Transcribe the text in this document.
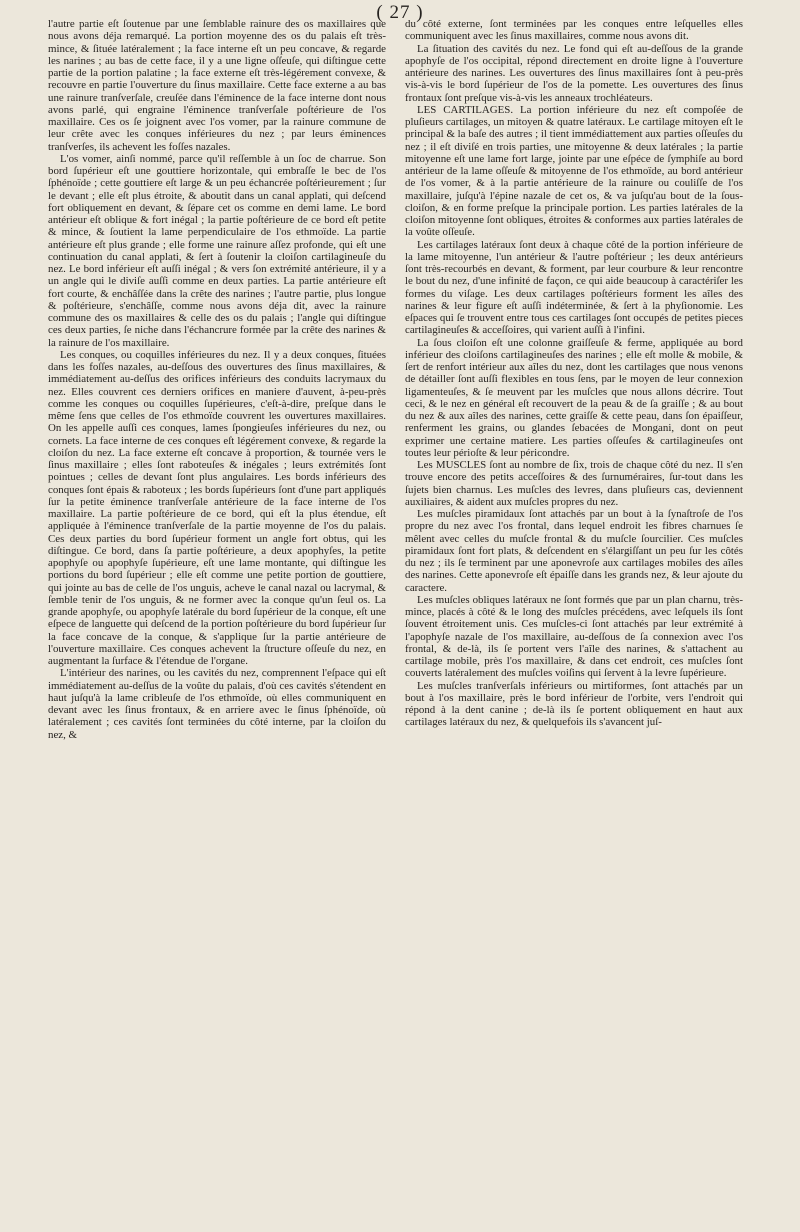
( 27 )

l'autre partie eſt ſoutenue par une ſemblable rainure des os maxillaires que nous avons déja remarqué. La portion moyenne des os du palais eſt très-mince, & ſituée latéralement ; la face interne eſt un peu concave, & regarde les narines ; au bas de cette face, il y a une ligne oſſeuſe, qui diſtingue cette partie de la portion palatine ; la face externe eſt très-légérement convexe, & recouvre en partie l'ouverture du ſinus maxillaire. Cette face externe a au bas une rainure tranſverſale, creuſée dans l'éminence de la face interne dont nous avons parlé, qui engraine l'éminence tranſverſale poſtérieure de l'os maxillaire. Ces os ſe joignent avec l'os vomer, par la rainure commune de leur crête avec les conques inférieures du nez ; par leurs éminences tranſverſes, ils achevent les foſſes nazales.

L'os vomer, ainſi nommé, parce qu'il reſſemble à un ſoc de charrue. Son bord ſupérieur eſt une gouttiere horizontale, qui embraſſe le bec de l'os ſphénoïde ; cette gouttiere eſt large & un peu échancrée poſtérieurement ; ſur le devant ; elle eſt plus étroite, & aboutit dans un canal applati, qui deſcend fort obliquement en devant, & ſépare cet os comme en demi lame. Le bord antérieur eſt oblique & fort inégal ; la partie poſtérieure de ce bord eſt petite & mince, & ſoutient la lame perpendiculaire de l'os ethmoïde. La partie antérieure eſt plus grande ; elle forme une rainure aſſez profonde, qui eſt une continuation du canal applati, & ſert à ſoutenir la cloiſon cartilagineuſe du nez. Le bord inférieur eſt auſſi inégal ; & vers ſon extrémité antérieure, il y a un angle qui le diviſe auſſi comme en deux parties. La partie antérieure eſt fort courte, & enchâſſée dans la crête des narines ; l'autre partie, plus longue & poſtérieure, s'enchâſſe, comme nous avons déja dit, avec la rainure commune des os maxillaires & celle des os du palais ; l'angle qui diſtingue ces deux parties, ſe niche dans l'échancrure formée par la crête des narines & la rainure de l'os maxillaire.

Les conques, ou coquilles inférieures du nez. Il y a deux conques, ſituées dans les foſſes nazales, au-deſſous des ouvertures des ſinus maxillaires, & immédiatement au-deſſus des orifices inférieurs des conduits lacrymaux du nez. Elles couvrent ces derniers orifices en maniere d'auvent, à-peu-près comme les conques ou coquilles ſupérieures, c'eſt-à-dire, preſque dans le même ſens que celles de l'os ethmoïde couvrent les ouvertures maxillaires. On les appelle auſſi ces conques, lames ſpongieuſes inférieures du nez, ou cornets. La face interne de ces conques eſt légérement convexe, & regarde la cloiſon du nez. La face externe eſt concave à proportion, & tournée vers le ſinus maxillaire ; elles ſont raboteuſes & inégales ; leurs extrémités ſont pointues ; celles de devant ſont plus angulaires. Les bords inférieurs des conques ſont épais & raboteux ; les bords ſupérieurs ſont d'une part appliqués ſur la petite éminence tranſverſale antérieure de la face interne de l'os maxillaire. La partie poſtérieure de ce bord, qui eſt la plus étendue, eſt appliquée à l'éminence tranſverſale de la partie moyenne de l'os du palais. Ces deux parties du bord ſupérieur forment un angle fort obtus, qui les diſtingue. Ce bord, dans ſa partie poſtérieure, a deux apophyſes, la petite apophyſe ou apophyſe ſupérieure, eſt une lame montante, qui diſtingue les portions du bord ſupérieur ; elle eſt comme une petite portion de gouttiere, qui jointe au bas de celle de l'os unguis, acheve le canal nazal ou lacrymal, & ſemble tenir de l'os unguis, & ne former avec la conque qu'un ſeul os. La grande apophyſe, ou apophyſe latérale du bord ſupérieur de la conque, eſt une eſpece de languette qui deſcend de la portion poſtérieure du bord ſupérieur ſur la face concave de la conque, & s'applique ſur la partie antérieure de l'ouverture maxillaire. Ces conques achevent la ſtructure oſſeuſe du nez, en augmentant la ſurface & l'étendue de l'organe.

L'intérieur des narines, ou les cavités du nez, comprennent l'eſpace qui eſt immédiatement au-deſſus de la voûte du palais, d'où ces cavités s'étendent en haut juſqu'à la lame cribleuſe de l'os ethmoïde, où elles communiquent en devant avec les ſinus frontaux, & en arriere avec le ſinus ſphénoïde, où latéralement ; ces cavités ſont terminées du côté interne, par la cloiſon du nez, &

du côté externe, ſont terminées par les conques entre leſquelles elles communiquent avec les ſinus maxillaires, comme nous avons dit.

La ſituation des cavités du nez. Le fond qui eſt au-deſſous de la grande apophyſe de l'os occipital, répond directement en droite ligne à l'ouverture antérieure des narines. Les ouvertures des ſinus maxillaires ſont à peu-près vis-à-vis le bord ſupérieur de l'os de la pomette. Les ouvertures des ſinus frontaux ſont preſque vis-à-vis les anneaux trochléateurs.

LES CARTILAGES. La portion inférieure du nez eſt compoſée de pluſieurs cartilages, un mitoyen & quatre latéraux. Le cartilage mitoyen eſt le principal & la baſe des autres ; il tient immédiattement aux parties oſſeuſes du nez ; il eſt diviſé en trois parties, une mitoyenne & deux latérales ; la partie mitoyenne eſt une lame fort large, jointe par une eſpéce de ſymphiſe au bord antérieur de la lame oſſeuſe & mitoyenne de l'os ethmoïde, au bord antérieur de l'os vomer, & à la partie antérieure de la rainure ou couliſſe de l'os maxillaire, juſqu'à l'épine nazale de cet os, & va juſqu'au bout de la ſous-cloiſon, & en forme preſque la principale portion. Les parties latérales de la cloiſon mitoyenne ſont obliques, étroites & conformes aux parties latérales de la voûte oſſeuſe.

Les cartilages latéraux ſont deux à chaque côté de la portion inférieure de la lame mitoyenne, l'un antérieur & l'autre poſtérieur ; les deux antérieurs ſont très-recourbés en devant, & forment, par leur courbure & leur rencontre le bout du nez, d'une infinité de façon, ce qui aide beaucoup à caractériſer les formes du viſage. Les deux cartilages poſtérieurs forment les aîles des narines & leur figure eſt auſſi indéterminée, & ſert à la phyſionomie. Les eſpaces qui ſe trouvent entre tous ces cartilages ſont occupés de petites pieces cartilagineuſes & acceſſoires, qui varient auſſi à l'infini.

La ſous cloiſon eſt une colonne graiſſeuſe & ferme, appliquée au bord inférieur des cloiſons cartilagineuſes des narines ; elle eſt molle & mobile, & ſert de renfort intérieur aux aîles du nez, dont les cartilages que nous venons de détailler ſont auſſi flexibles en tous ſens, par le moyen de leur connexion ligamenteuſes, & ſe meuvent par les muſcles que nous allons décrire. Tout ceci, & le nez en général eſt recouvert de la peau & de ſa graiſſe ; & au bout du nez & aux aîles des narines, cette graiſſe & cette peau, dans ſon épaiſſeur, renferment les grains, ou glandes ſebacées de Mongani, dont on peut exprimer une certaine matiere. Les parties oſſeuſes & cartilagineuſes ont toutes leur périoſte & leur péricondre.

Les MUSCLES ſont au nombre de ſix, trois de chaque côté du nez. Il s'en trouve encore des petits acceſſoires & des ſurnuméraires, ſur-tout dans les ſujets bien charnus. Les muſcles des levres, dans pluſieurs cas, deviennent auxiliaires, & aident aux muſcles propres du nez.

Les muſcles piramidaux ſont attachés par un bout à la ſynaſtroſe de l'os propre du nez avec l'os frontal, dans lequel endroit les fibres charnues ſe mêlent avec celles du muſcle frontal & du muſcle ſourcilier. Ces muſcles piramidaux ſont fort plats, & deſcendent en s'élargiſſant un peu ſur les côtés du nez ; ils ſe terminent par une aponevroſe aux cartilages mobiles des aîles des narines. Cette aponevroſe eſt épaiſſe dans les grands nez, & leur ajoute du caractere.

Les muſcles obliques latéraux ne ſont formés que par un plan charnu, très-mince, placés à côté & le long des muſcles précédens, avec leſquels ils ſont ſouvent étroitement unis. Ces muſcles-ci ſont attachés par leur extrémité à l'apophyſe nazale de l'os maxillaire, au-deſſous de ſa connexion avec l'os frontal, & de-là, ils ſe portent vers l'aîle des narines, & s'attachent au cartilage mobile, près l'os maxillaire, & dans cet endroit, ces muſcles ſont couverts latéralement des muſcles voiſins qui ſervent à la levre ſupérieure.

Les muſcles tranſverſals inférieurs ou mirtiformes, ſont attachés par un bout à l'os maxillaire, près le bord inférieur de l'orbite, vers l'endroit qui répond à la dent canine ; de-là ils ſe portent obliquement en haut aux cartilages latéraux du nez, & quelquefois ils s'avancent juſ-
